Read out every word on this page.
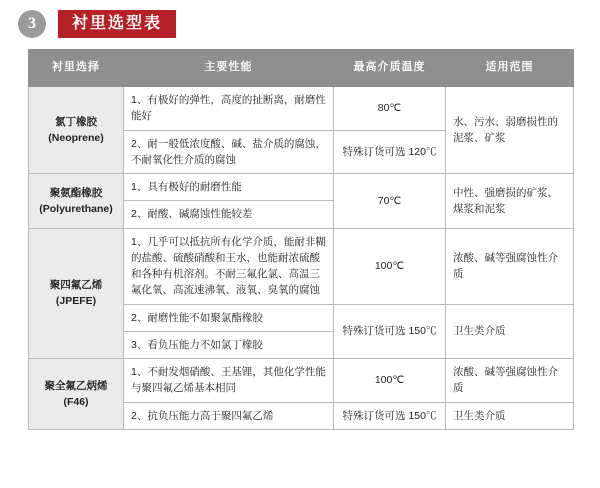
3	衬里选型表
衬里选择	主要性能	最高介质温度	适用范围

氯丁橡胶
(Neoprene)	1、有极好的弹性，高度的扯断离，耐磨性能好	80℃	水、污水、弱磨损性的泥浆、矿浆
	2、耐一般低浓度酸、碱、盐介质的腐蚀，不耐氧化性介质的腐蚀	特殊订货可选 120℃	

聚氨酯橡胶
(Polyurethane)	1、具有极好的耐磨性能	70℃	中性、强磨损的矿浆、煤浆和泥浆
	2、耐酸、碱腐蚀性能较差		

聚四氟乙烯
(JPEFE)	1、几乎可以抵抗所有化学介质，能耐非糊的盐酸、硫酸硝酸和王水，也能耐浓硫酸和各种有机溶剂。不耐三氟化氯、高温三氟化氧、高流速沸氧、液氧、臭氧的腐蚀	100℃	浓酸、碱等强腐蚀性介质
	2、耐磨性能不如聚氯酯橡胶	特殊订货可选 150℃	卫生类介质
	3、看负压能力不如氯丁橡胶		

聚全氟乙炳烯
(F46)	1、不耐发烟硝酸、王基锂，其他化学性能与聚四氟乙烯基本相同	100℃	浓酸、碱等强腐蚀性介质
	2、抗负压能力高于聚四氟乙烯	特殊订货可选 150℃	卫生类介质
